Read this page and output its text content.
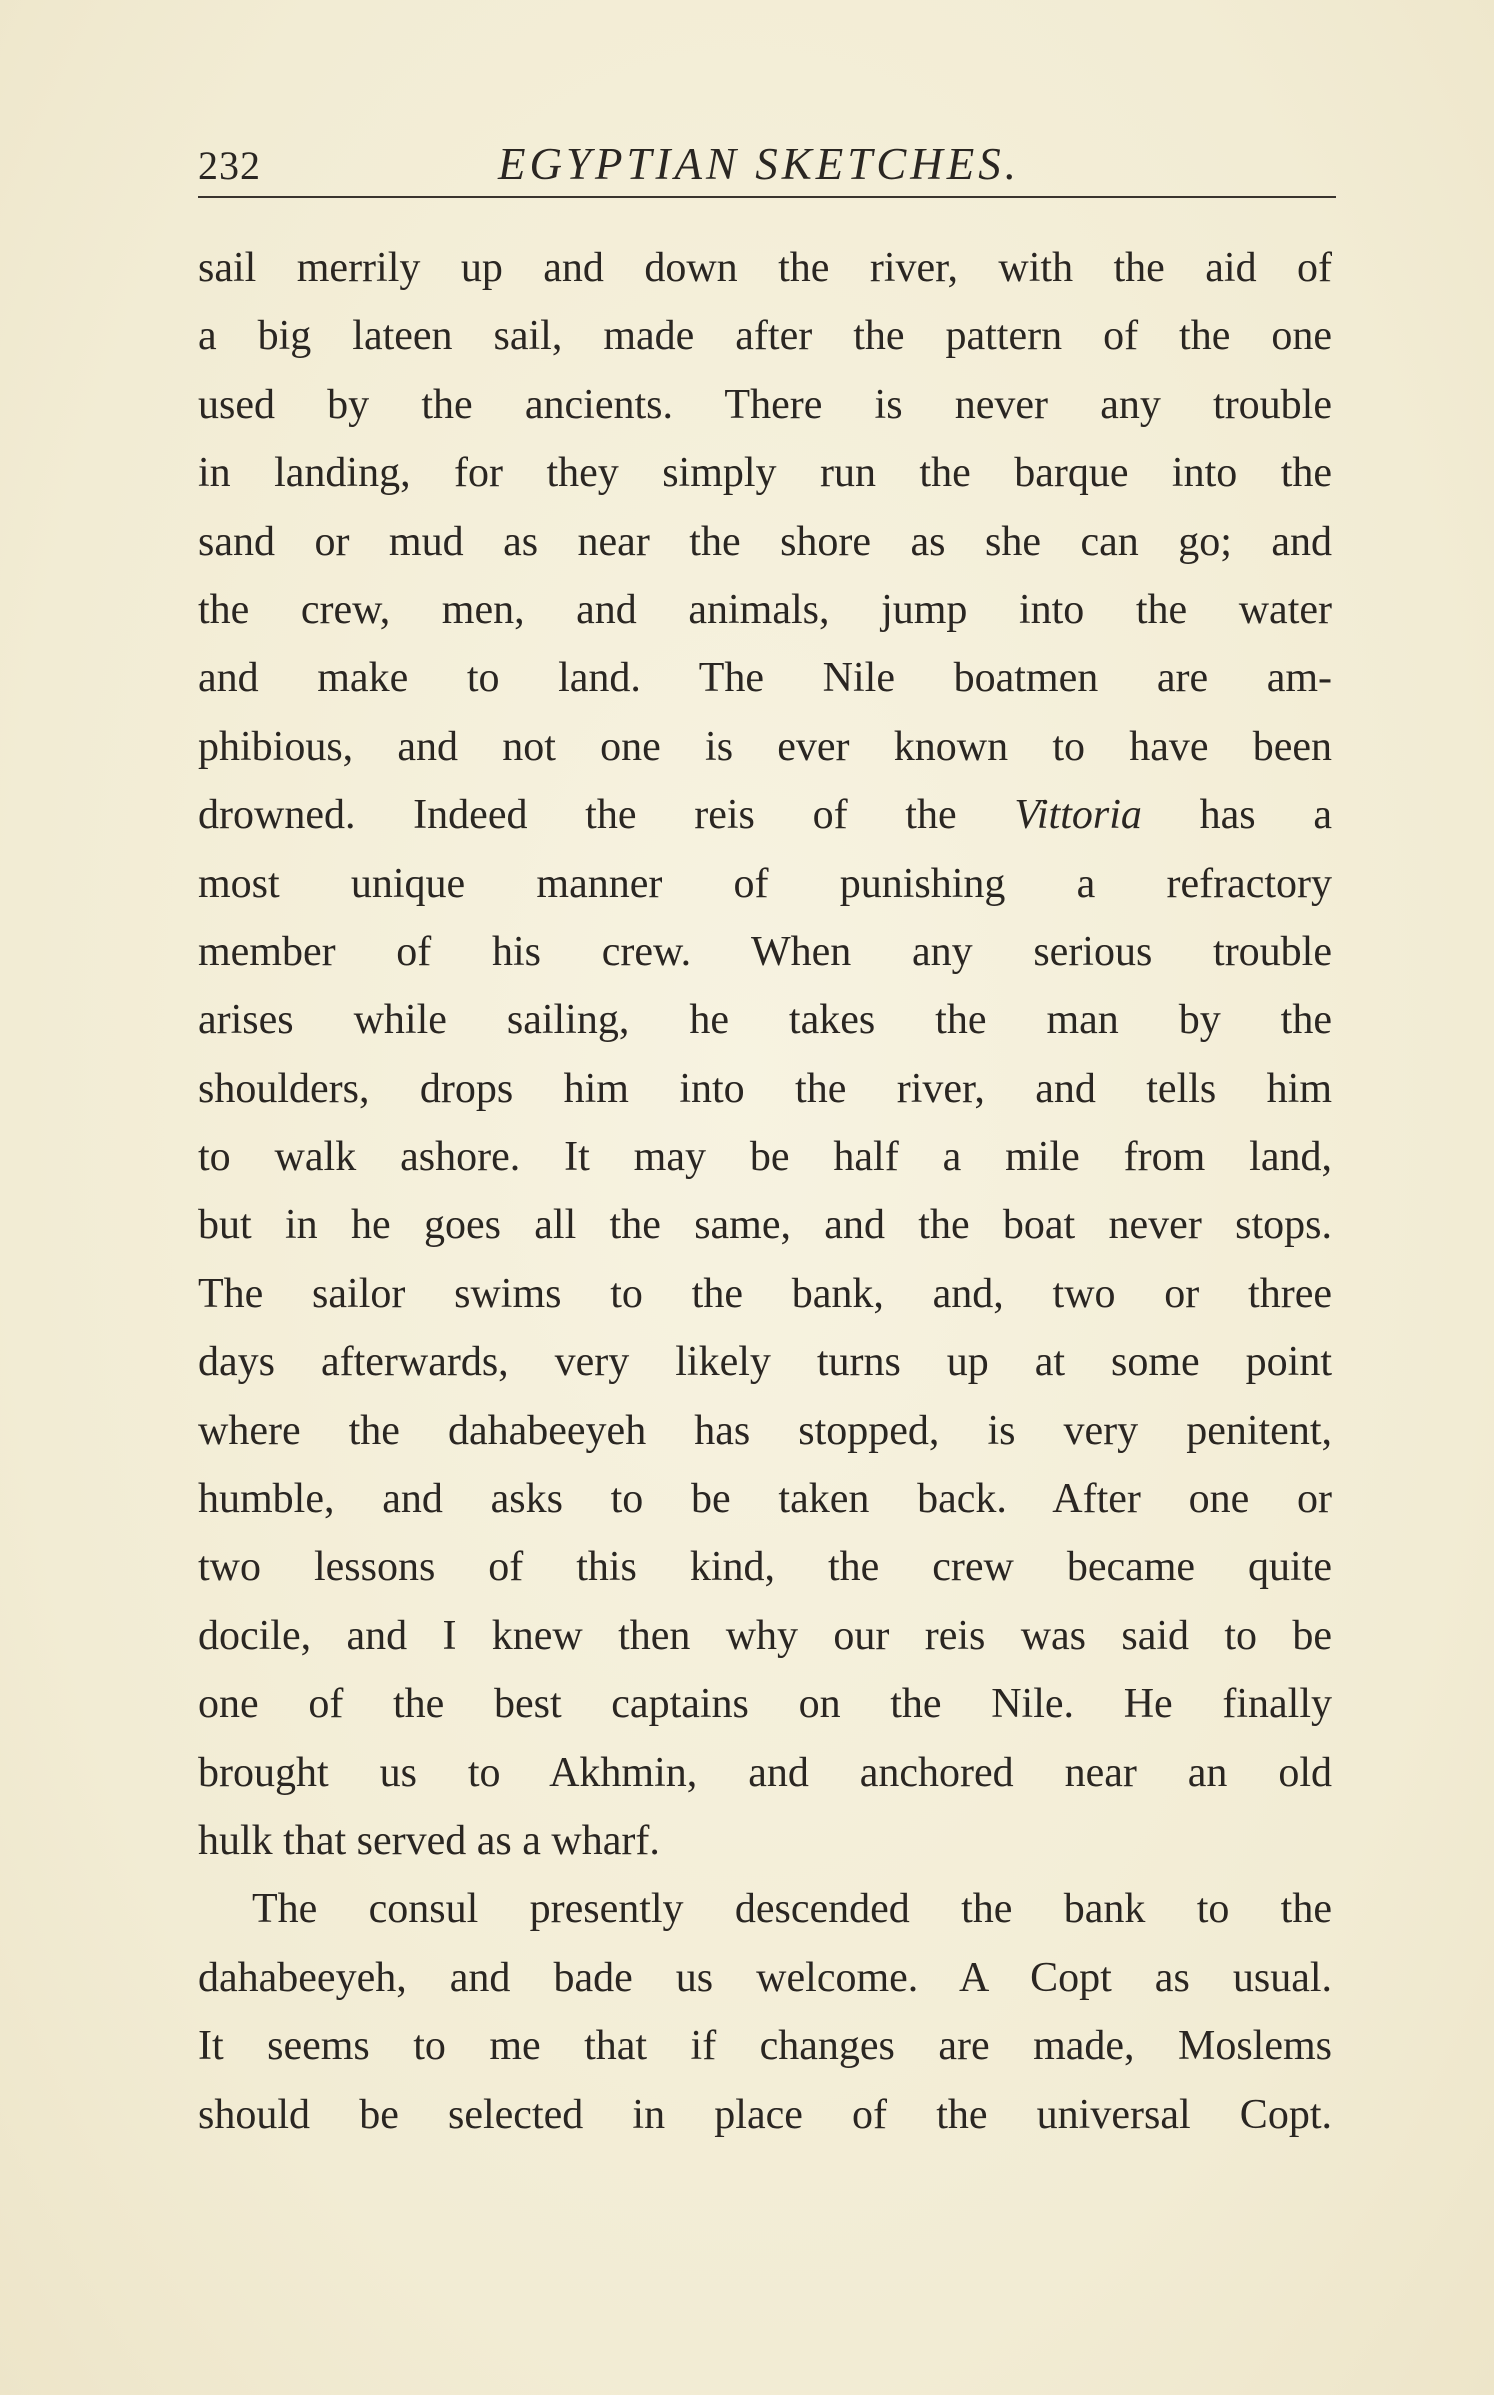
232	EGYPTIAN SKETCHES.
sail merrily up and down the river, with the aid of
a big lateen sail, made after the pattern of the one
used by the ancients. There is never any trouble
in landing, for they simply run the barque into the
sand or mud as near the shore as she can go; and
the crew, men, and animals, jump into the water
and make to land. The Nile boatmen are am-
phibious, and not one is ever known to have been
drowned. Indeed the reis of the Vittoria has a
most unique manner of punishing a refractory
member of his crew. When any serious trouble
arises while sailing, he takes the man by the
shoulders, drops him into the river, and tells him
to walk ashore. It may be half a mile from land,
but in he goes all the same, and the boat never stops.
The sailor swims to the bank, and, two or three
days afterwards, very likely turns up at some point
where the dahabeeyeh has stopped, is very penitent,
humble, and asks to be taken back. After one or
two lessons of this kind, the crew became quite
docile, and I knew then why our reis was said to be
one of the best captains on the Nile. He finally
brought us to Akhmin, and anchored near an old
hulk that served as a wharf.
The consul presently descended the bank to the
dahabeeyeh, and bade us welcome. A Copt as usual.
It seems to me that if changes are made, Moslems
should be selected in place of the universal Copt.
